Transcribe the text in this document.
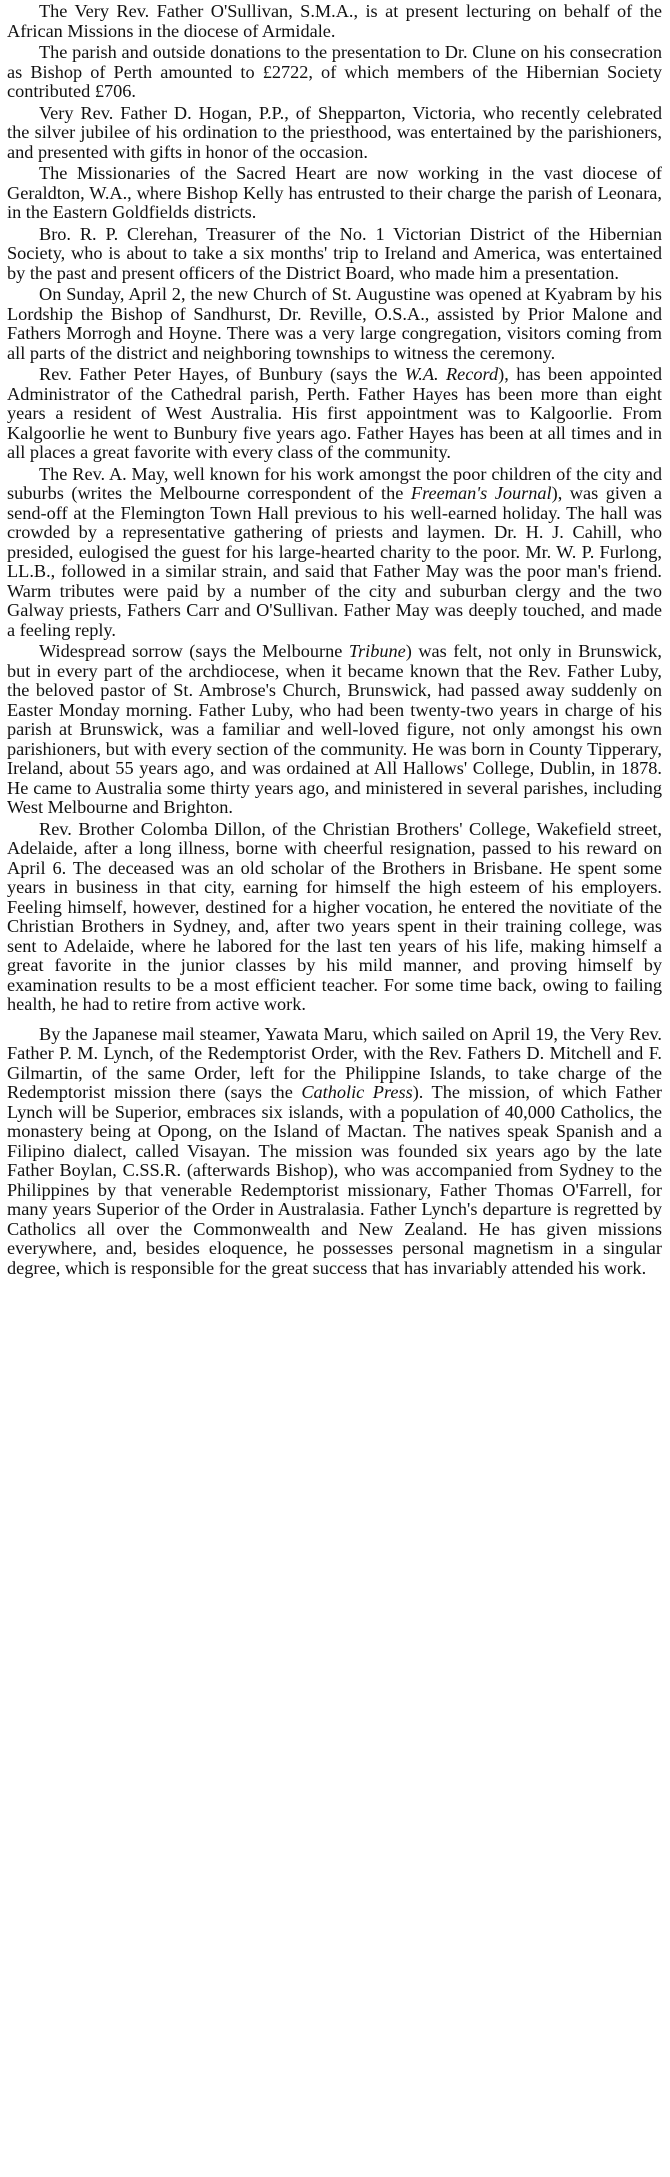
The Very Rev. Father O'Sullivan, S.M.A., is at present lecturing on behalf of the African Missions in the diocese of Armidale.

The parish and outside donations to the presentation to Dr. Clune on his consecration as Bishop of Perth amounted to £2722, of which members of the Hibernian Society contributed £706.

Very Rev. Father D. Hogan, P.P., of Shepparton, Victoria, who recently celebrated the silver jubilee of his ordination to the priesthood, was entertained by the parishioners, and presented with gifts in honor of the occasion.

The Missionaries of the Sacred Heart are now working in the vast diocese of Geraldton, W.A., where Bishop Kelly has entrusted to their charge the parish of Leonara, in the Eastern Goldfields districts.

Bro. R. P. Clerehan, Treasurer of the No. 1 Victorian District of the Hibernian Society, who is about to take a six months' trip to Ireland and America, was entertained by the past and present officers of the District Board, who made him a presentation.

On Sunday, April 2, the new Church of St. Augustine was opened at Kyabram by his Lordship the Bishop of Sandhurst, Dr. Reville, O.S.A., assisted by Prior Malone and Fathers Morrogh and Hoyne. There was a very large congregation, visitors coming from all parts of the district and neighboring townships to witness the ceremony.

Rev. Father Peter Hayes, of Bunbury (says the W.A. Record), has been appointed Administrator of the Cathedral parish, Perth. Father Hayes has been more than eight years a resident of West Australia. His first appointment was to Kalgoorlie. From Kalgoorlie he went to Bunbury five years ago. Father Hayes has been at all times and in all places a great favorite with every class of the community.

The Rev. A. May, well known for his work amongst the poor children of the city and suburbs (writes the Melbourne correspondent of the Freeman's Journal), was given a send-off at the Flemington Town Hall previous to his well-earned holiday. The hall was crowded by a representative gathering of priests and laymen. Dr. H. J. Cahill, who presided, eulogised the guest for his large-hearted charity to the poor. Mr. W. P. Furlong, LL.B., followed in a similar strain, and said that Father May was the poor man's friend. Warm tributes were paid by a number of the city and suburban clergy and the two Galway priests, Fathers Carr and O'Sullivan. Father May was deeply touched, and made a feeling reply.

Widespread sorrow (says the Melbourne Tribune) was felt, not only in Brunswick, but in every part of the archdiocese, when it became known that the Rev. Father Luby, the beloved pastor of St. Ambrose's Church, Brunswick, had passed away suddenly on Easter Monday morning. Father Luby, who had been twenty-two years in charge of his parish at Brunswick, was a familiar and well-loved figure, not only amongst his own parishioners, but with every section of the community. He was born in County Tipperary, Ireland, about 55 years ago, and was ordained at All Hallows' College, Dublin, in 1878. He came to Australia some thirty years ago, and ministered in several parishes, including West Melbourne and Brighton.

Rev. Brother Colomba Dillon, of the Christian Brothers' College, Wakefield street, Adelaide, after a long illness, borne with cheerful resignation, passed to his reward on April 6. The deceased was an old scholar of the Brothers in Brisbane. He spent some years in business in that city, earning for himself the high esteem of his employers. Feeling himself, however, destined for a higher vocation, he entered the novitiate of the Christian Brothers in Sydney, and, after two years spent in their training college, was sent to Adelaide, where he labored for the last ten years of his life, making himself a great favorite in the junior classes by his mild manner, and proving himself by examination results to be a most efficient teacher. For some time back, owing to failing health, he had to retire from active work.

By the Japanese mail steamer, Yawata Maru, which sailed on April 19, the Very Rev. Father P. M. Lynch, of the Redemptorist Order, with the Rev. Fathers D. Mitchell and F. Gilmartin, of the same Order, left for the Philippine Islands, to take charge of the Redemptorist mission there (says the Catholic Press). The mission, of which Father Lynch will be Superior, embraces six islands, with a population of 40,000 Catholics, the monastery being at Opong, on the Island of Mactan. The natives speak Spanish and a Filipino dialect, called Visayan. The mission was founded six years ago by the late Father Boylan, C.SS.R. (afterwards Bishop), who was accompanied from Sydney to the Philippines by that venerable Redemptorist missionary, Father Thomas O'Farrell, for many years Superior of the Order in Australasia. Father Lynch's departure is regretted by Catholics all over the Commonwealth and New Zealand. He has given missions everywhere, and, besides eloquence, he possesses personal magnetism in a singular degree, which is responsible for the great success that has invariably attended his work.
